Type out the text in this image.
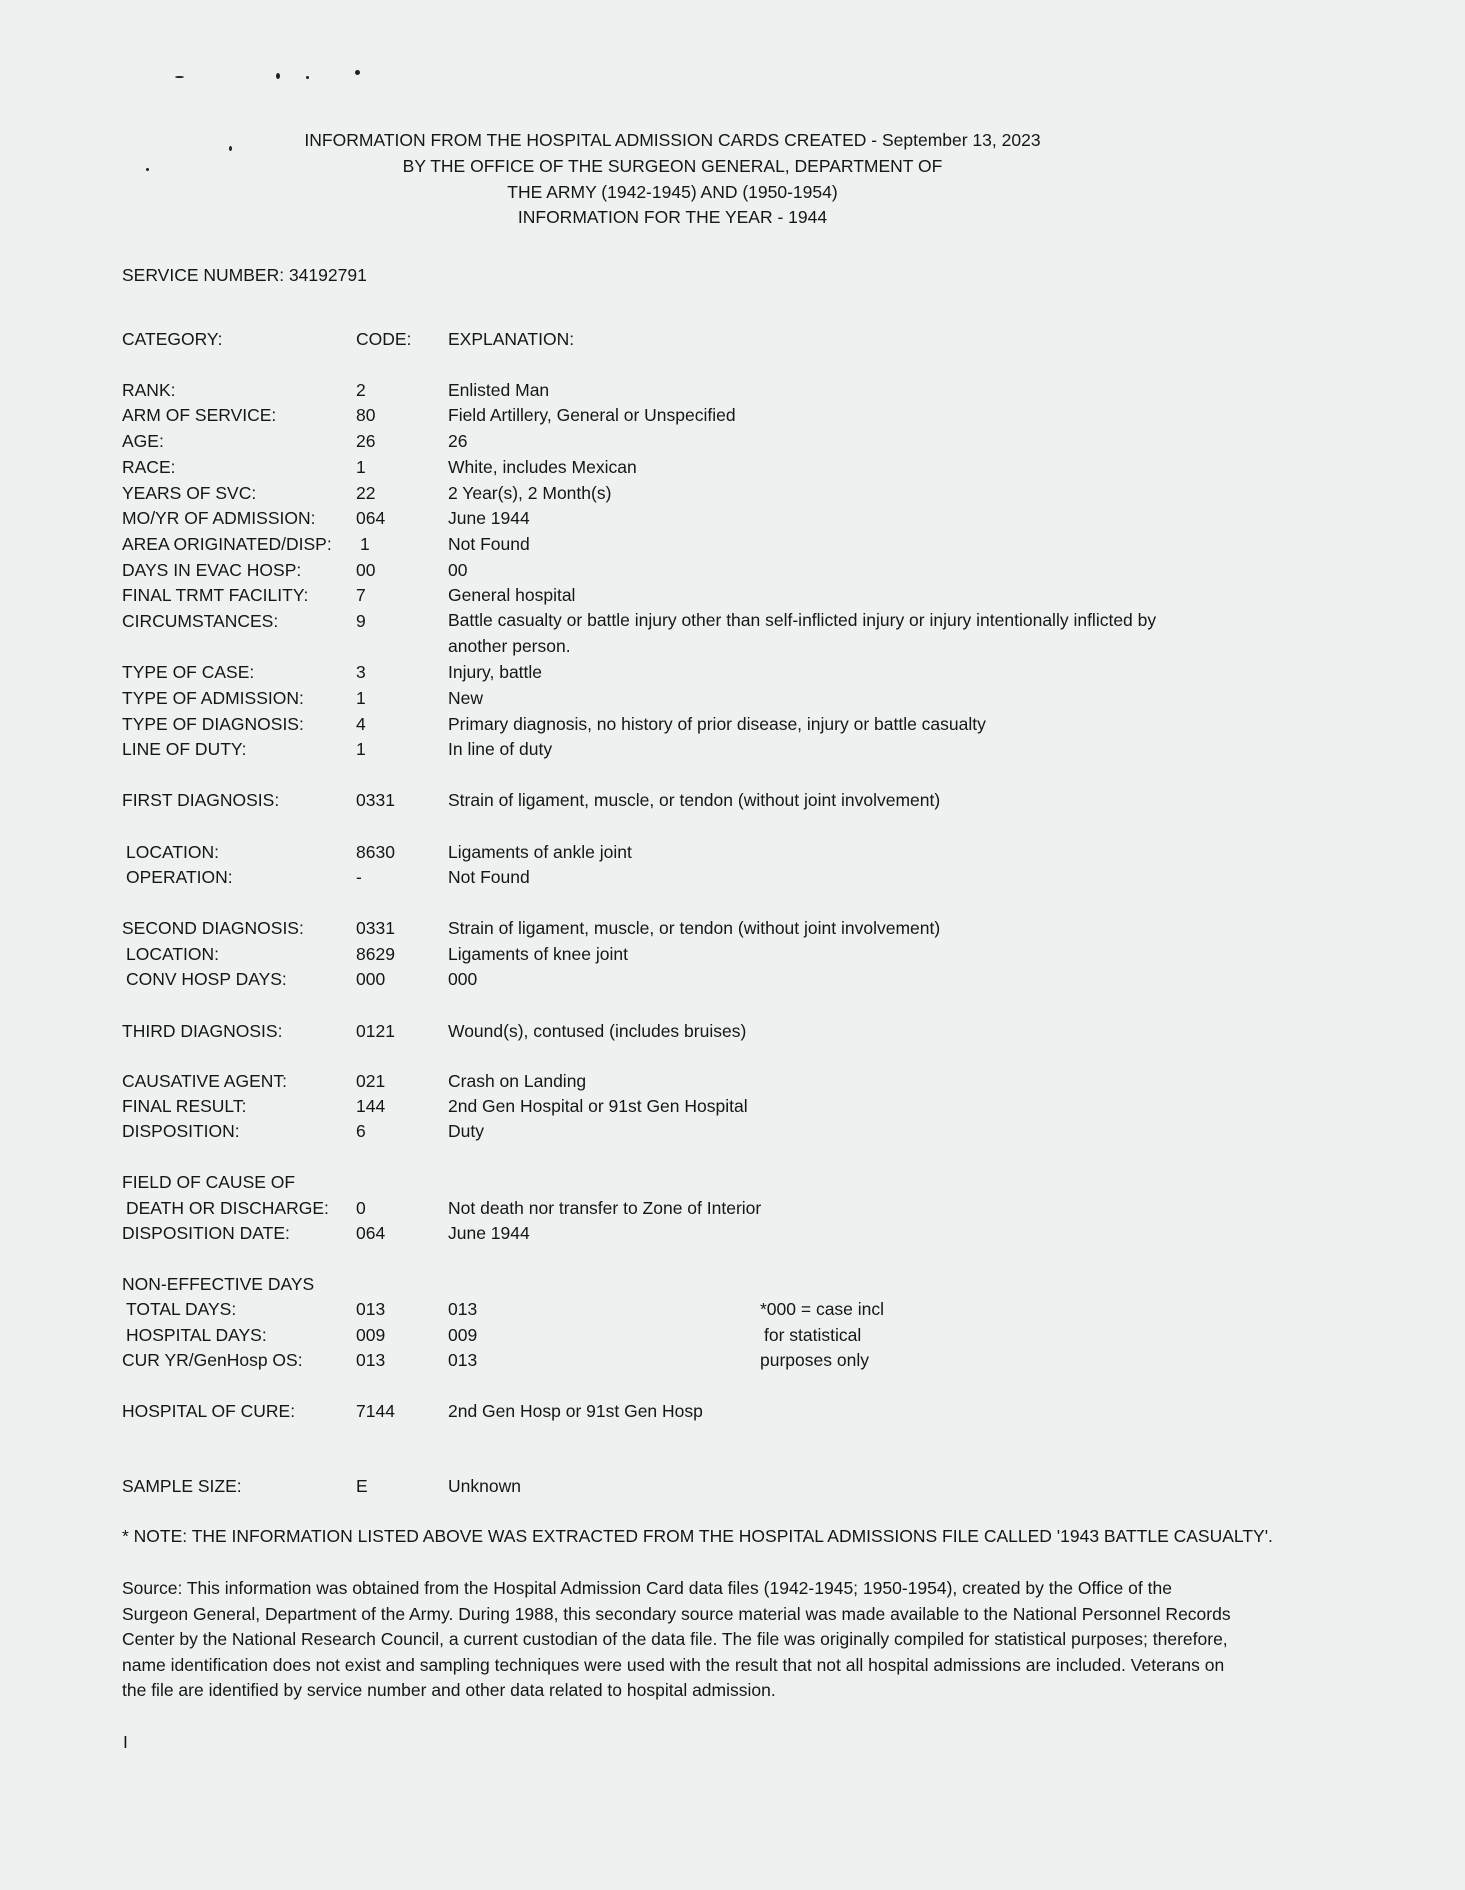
INFORMATION FROM THE HOSPITAL ADMISSION CARDS CREATED - September 13, 2023
BY THE OFFICE OF THE SURGEON GENERAL, DEPARTMENT OF
THE ARMY (1942-1945) AND (1950-1954)
INFORMATION FOR THE YEAR - 1944
SERVICE NUMBER: 34192791
CATEGORY:	CODE: EXPLANATION:
RANK:	2	Enlisted Man
ARM OF SERVICE:	80	Field Artillery, General or Unspecified
AGE:	26	26
RACE:	1	White, includes Mexican
YEARS OF SVC:	22	2 Year(s), 2 Month(s)
MO/YR OF ADMISSION: 064	June 1944
AREA ORIGINATED/DISP: 1	Not Found
DAYS IN EVAC HOSP:	00	00
FINAL TRMT FACILITY:	7	General hospital
CIRCUMSTANCES:	9	Battle casualty or battle injury other than self-inflicted injury or injury intentionally inflicted by another person.
TYPE OF CASE:	3	Injury, battle
TYPE OF ADMISSION:	1	New
TYPE OF DIAGNOSIS:	4	Primary diagnosis, no history of prior disease, injury or battle casualty
LINE OF DUTY:	1	In line of duty
FIRST DIAGNOSIS:	0331	Strain of ligament, muscle, or tendon (without joint involvement)
LOCATION:	8630	Ligaments of ankle joint
OPERATION:	-	Not Found
SECOND DIAGNOSIS:	0331	Strain of ligament, muscle, or tendon (without joint involvement)
LOCATION:	8629	Ligaments of knee joint
CONV HOSP DAYS:	000	000
THIRD DIAGNOSIS:	0121	Wound(s), contused (includes bruises)
CAUSATIVE AGENT:	021	Crash on Landing
FINAL RESULT:	144	2nd Gen Hospital or 91st Gen Hospital
DISPOSITION:	6	Duty
FIELD OF CAUSE OF
DEATH OR DISCHARGE: 0	Not death nor transfer to Zone of Interior
DISPOSITION DATE:	064	June 1944
NON-EFFECTIVE DAYS
TOTAL DAYS:	013	013	*000 = case incl
HOSPITAL DAYS:	009	009	for statistical
CUR YR/GenHosp OS:	013	013	purposes only
HOSPITAL OF CURE:	7144	2nd Gen Hosp or 91st Gen Hosp
SAMPLE SIZE:	E	Unknown
* NOTE: THE INFORMATION LISTED ABOVE WAS EXTRACTED FROM THE HOSPITAL ADMISSIONS FILE CALLED '1943 BATTLE CASUALTY'.
Source: This information was obtained from the Hospital Admission Card data files (1942-1945; 1950-1954), created by the Office of the Surgeon General, Department of the Army. During 1988, this secondary source material was made available to the National Personnel Records Center by the National Research Council, a current custodian of the data file. The file was originally compiled for statistical purposes; therefore, name identification does not exist and sampling techniques were used with the result that not all hospital admissions are included. Veterans on the file are identified by service number and other data related to hospital admission.
I
